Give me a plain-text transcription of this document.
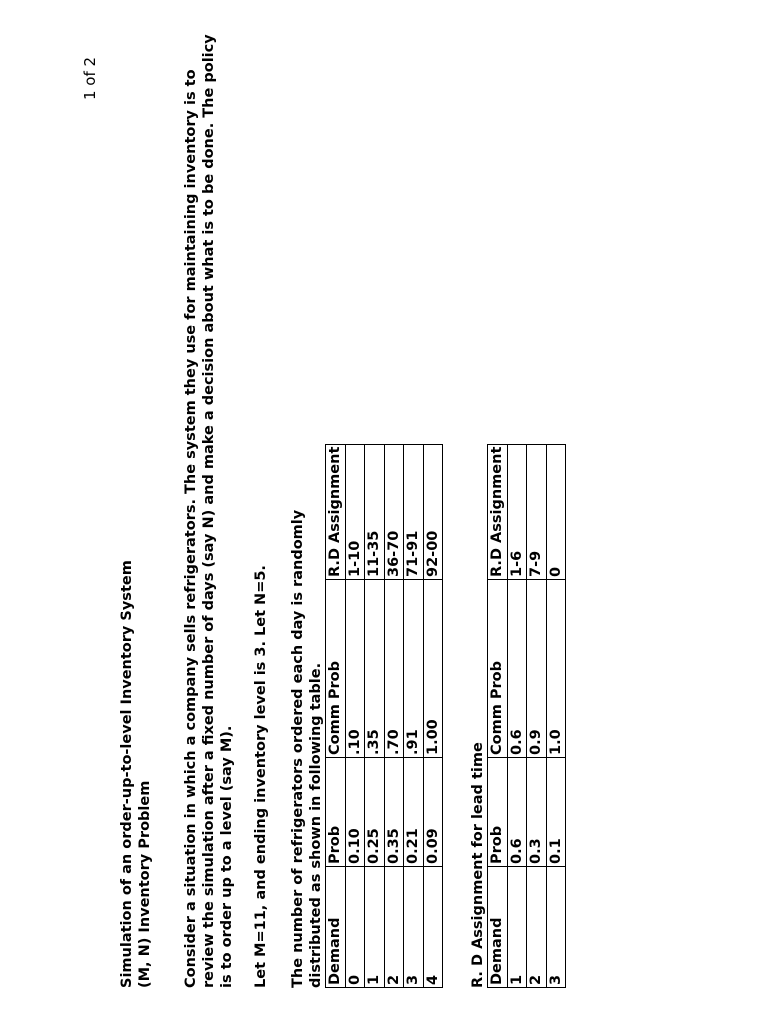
1 of 2
Simulation of an order-up-to-level Inventory System (M, N) Inventory Problem Consider a situation in which a company sells refrigerators. The system they use for maintaining inventory is to review the simulation after a fixed number of days (say N) and make a decision about what is to be done. The policy is to order up to a level (say M). Let M=11, and ending inventory level is 3. Let N=5. The number of refrigerators ordered each day is randomly distributed as shown in following table. Demand	Prob	Comm Prob	R.D Assignment
0	0.10	.10	1-10
1	0.25	.35	11-35
2	0.35	.70	36-70
3	0.21	.91	71-91
4	0.09	1.00	92-00

R. D Assignment for lead time Demand	Prob	Comm Prob	R.D Assignment
1	0.6	0.6	1-6
2	0.3	0.9	7-9
3	0.1	1.0	0
